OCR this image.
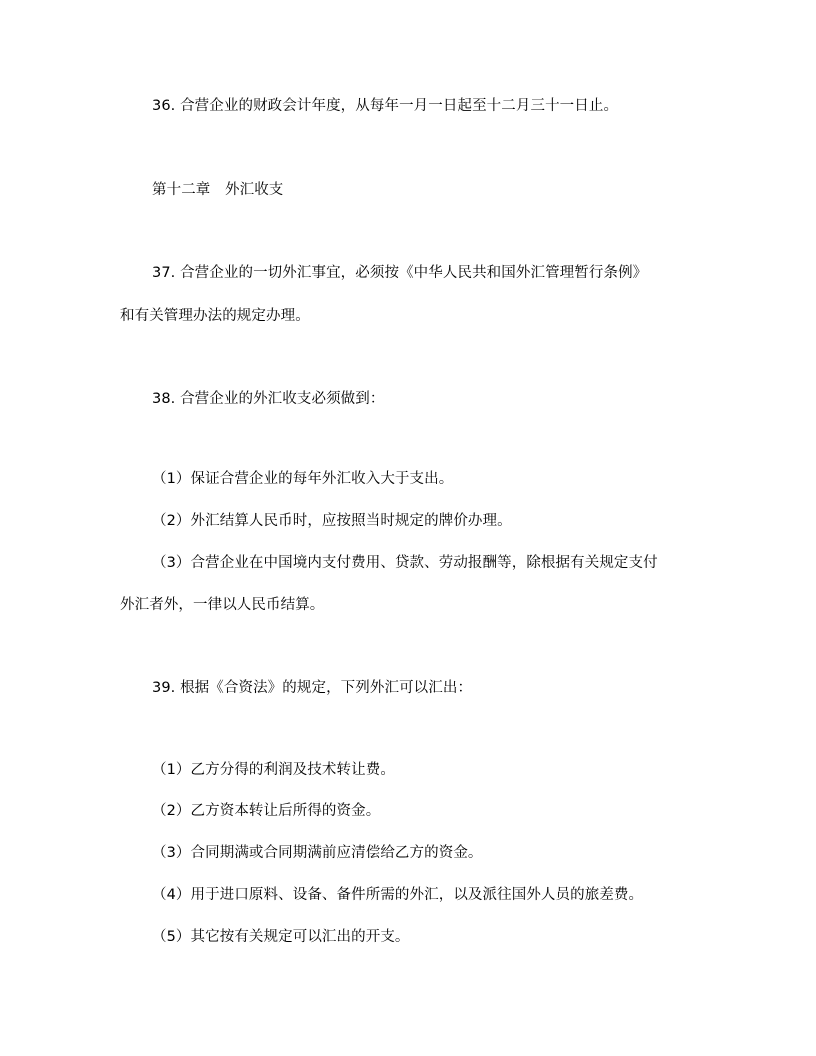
36. 合营企业的财政会计年度，从每年一月一日起至十二月三十一日止。
第十二章　外汇收支
37. 合营企业的一切外汇事宜，必须按《中华人民共和国外汇管理暂行条例》
和有关管理办法的规定办理。
38. 合营企业的外汇收支必须做到：
（1）保证合营企业的每年外汇收入大于支出。
（2）外汇结算人民币时，应按照当时规定的牌价办理。
（3）合营企业在中国境内支付费用、贷款、劳动报酬等，除根据有关规定支付
外汇者外，一律以人民币结算。
39. 根据《合资法》的规定，下列外汇可以汇出：
（1）乙方分得的利润及技术转让费。
（2）乙方资本转让后所得的资金。
（3）合同期满或合同期满前应清偿给乙方的资金。
（4）用于进口原料、设备、备件所需的外汇，以及派往国外人员的旅差费。
（5）其它按有关规定可以汇出的开支。
